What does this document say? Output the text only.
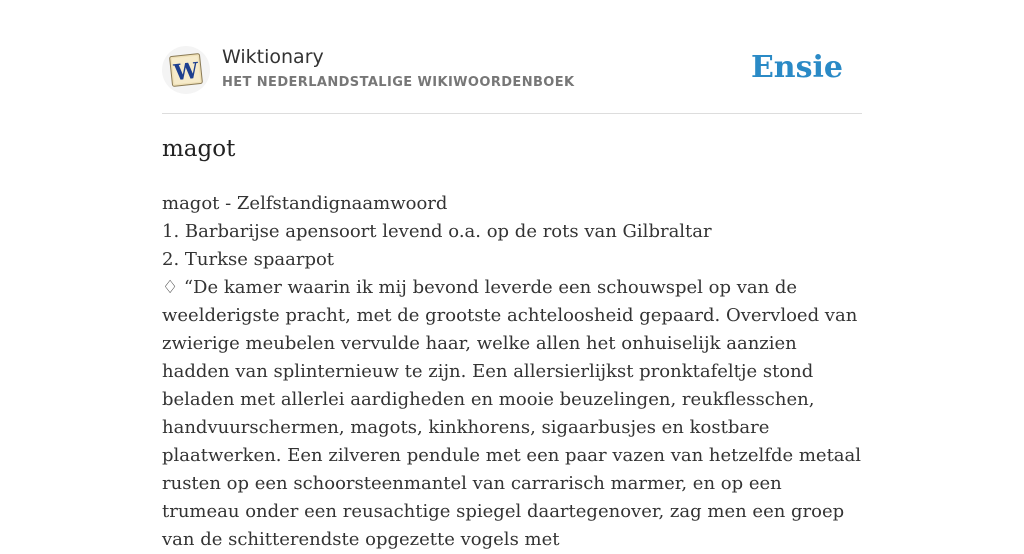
W
Wiktionary
HET NEDERLANDSTALIGE WIKIWOORDENBOEK	Ensie
magot
magot - Zelfstandignaamwoord
1. Barbarijse apensoort levend o.a. op de rots van Gilbraltar
2. Turkse spaarpot
♢ “De kamer waarin ik mij bevond leverde een schouwspel op van de weelderigste pracht, met de grootste achteloosheid gepaard. Overvloed van zwierige meubelen vervulde haar, welke allen het onhuiselijk aanzien hadden van splinternieuw te zijn. Een allersierlijkst pronktafeltje stond beladen met allerlei aardigheden en mooie beuzelingen, reukflesschen, handvuurschermen, magots, kinkhorens, sigaarbusjes en kostbare plaatwerken. Een zilveren pendule met een paar vazen van hetzelfde metaal rusten op een schoorsteenmantel van carrarisch marmer, en op een trumeau onder een reusachtige spiegel daartegenover, zag men een groep van de schitterendste opgezette vogels met
